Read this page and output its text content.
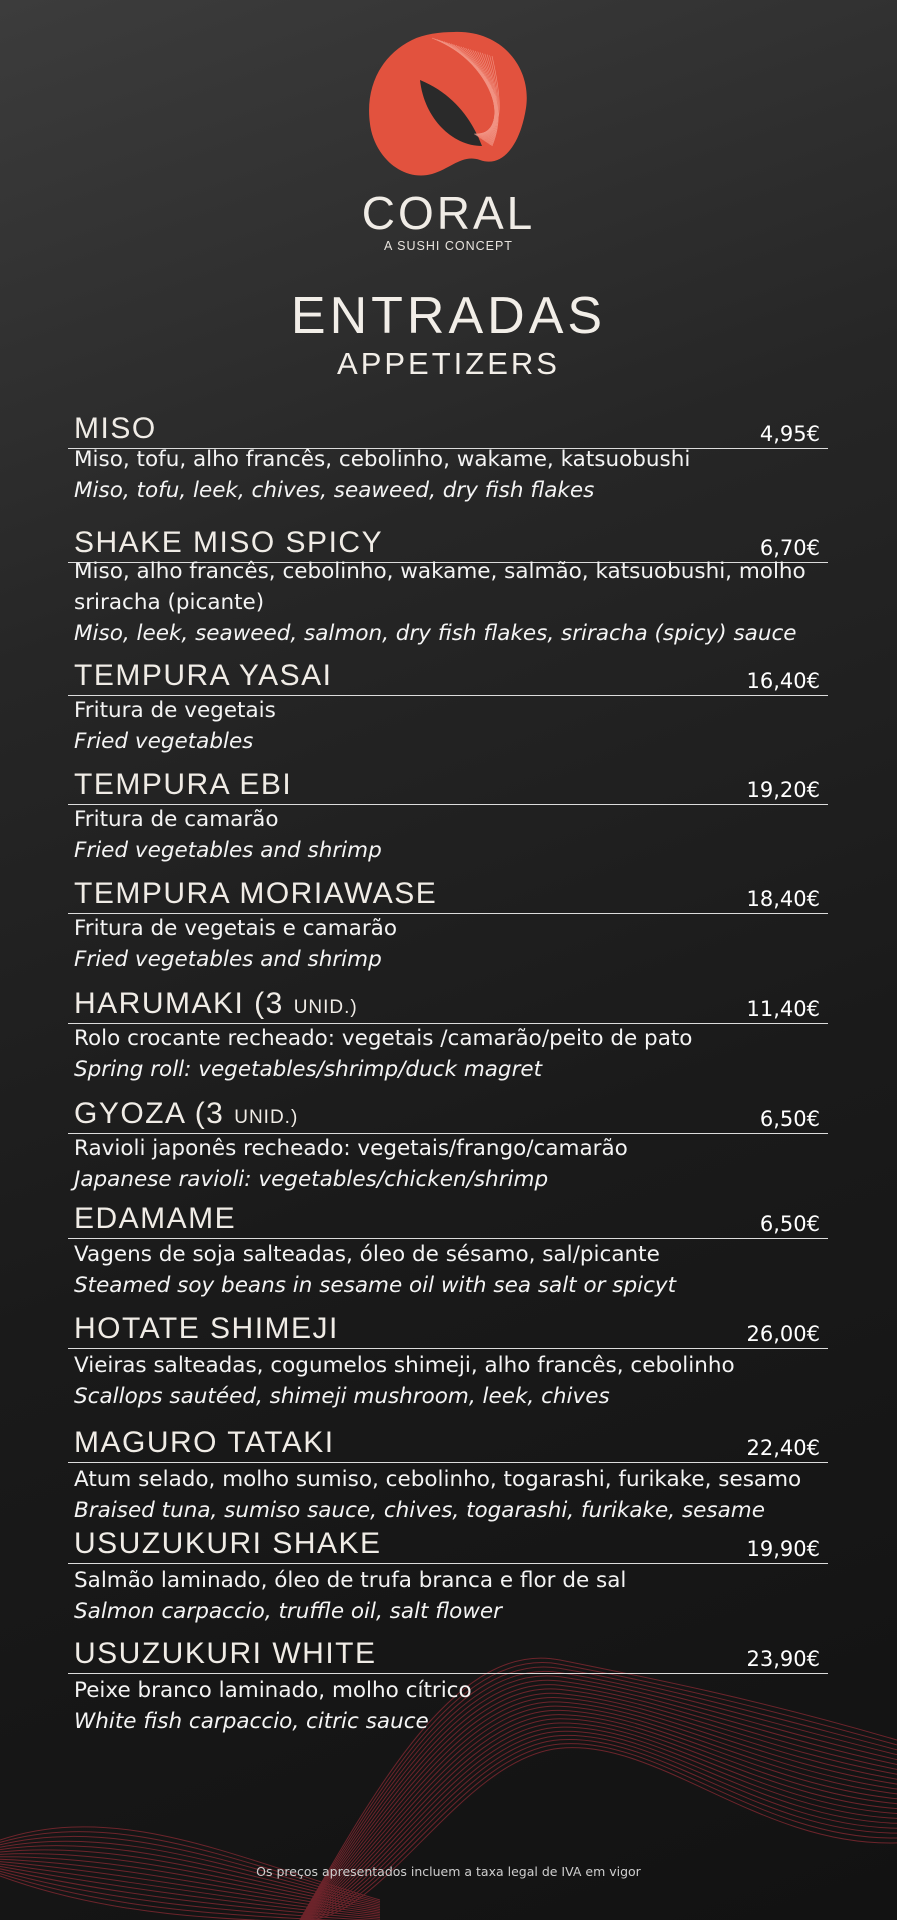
CORAL
A SUSHI CONCEPT
ENTRADAS
APPETIZERS
MISO	4,95€
Miso, tofu, alho francês, cebolinho, wakame, katsuobushi
Miso, tofu, leek, chives, seaweed, dry fish flakes
SHAKE MISO SPICY	6,70€
Miso, alho francês, cebolinho, wakame, salmão, katsuobushi, molho sriracha (picante)
Miso, leek, seaweed, salmon, dry fish flakes, sriracha (spicy) sauce
TEMPURA YASAI	16,40€
Fritura de vegetais
Fried vegetables
TEMPURA EBI	19,20€
Fritura de camarão
Fried vegetables and shrimp
TEMPURA MORIAWASE	18,40€
Fritura de vegetais e camarão
Fried vegetables and shrimp
HARUMAKI (3 UNID.)	11,40€
Rolo crocante recheado: vegetais /camarão/peito de pato
Spring roll: vegetables/shrimp/duck magret
GYOZA (3 UNID.)	6,50€
Ravioli japonês recheado: vegetais/frango/camarão
Japanese ravioli: vegetables/chicken/shrimp
EDAMAME	6,50€
Vagens de soja salteadas, óleo de sésamo, sal/picante
Steamed soy beans in sesame oil with sea salt or spicyt
HOTATE SHIMEJI	26,00€
Vieiras salteadas, cogumelos shimeji, alho francês, cebolinho
Scallops sautéed, shimeji mushroom, leek, chives
MAGURO TATAKI	22,40€
Atum selado, molho sumiso, cebolinho, togarashi, furikake, sesamo
Braised tuna, sumiso sauce, chives, togarashi, furikake, sesame
USUZUKURI SHAKE	19,90€
Salmão laminado, óleo de trufa branca e flor de sal
Salmon carpaccio, truffle oil, salt flower
USUZUKURI WHITE	23,90€
Peixe branco laminado, molho cítrico
White fish carpaccio, citric sauce
Os preços apresentados incluem a taxa legal de IVA em vigor
